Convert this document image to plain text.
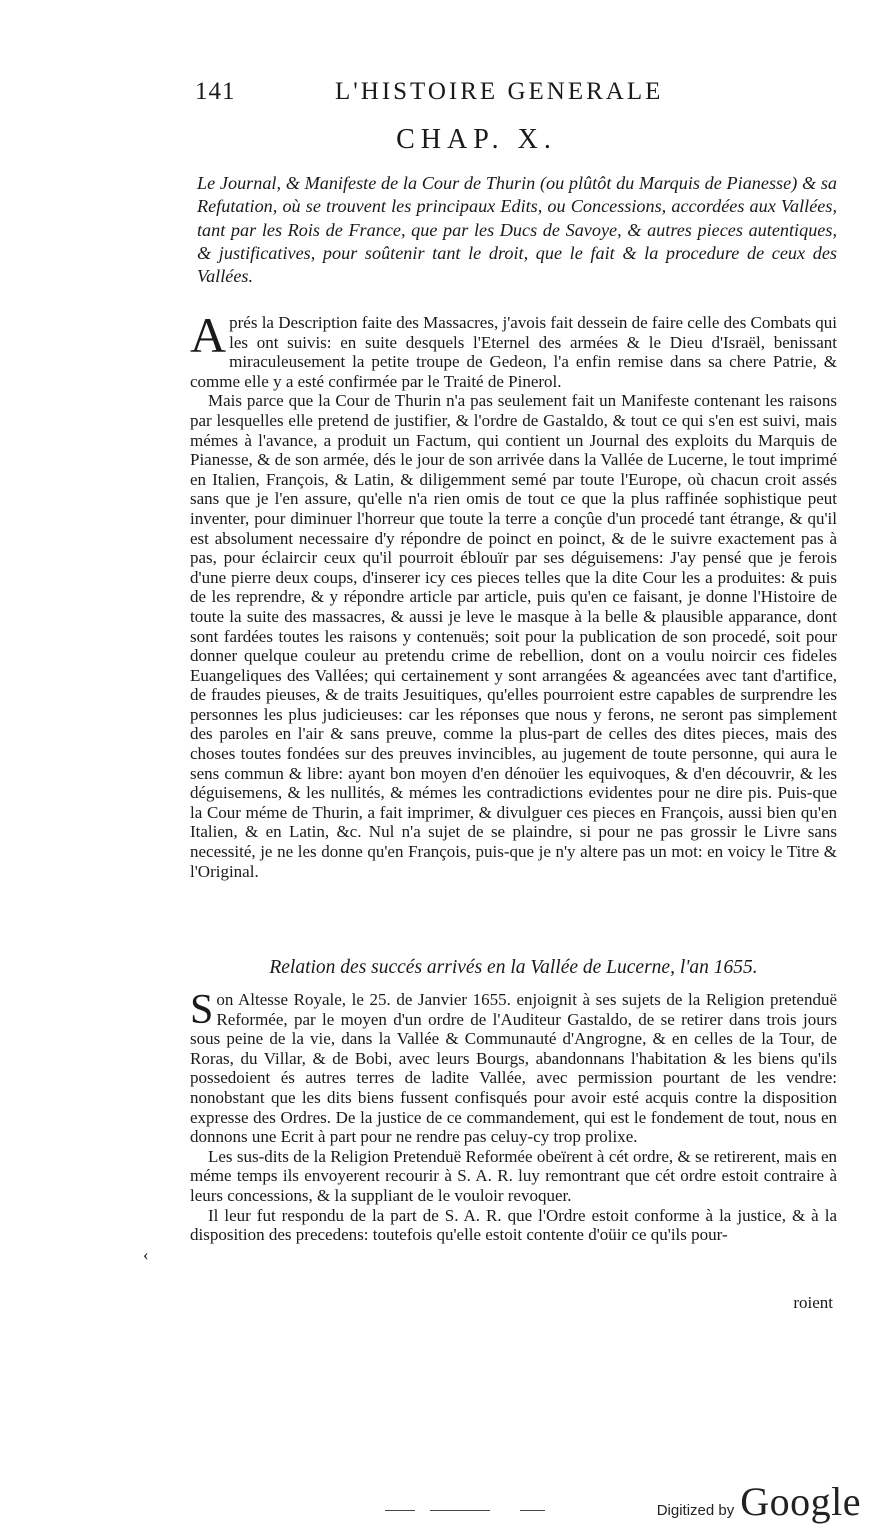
141	L'HISTOIRE GENERALE
CHAP. X.
Le Journal, & Manifeste de la Cour de Thurin (ou plûtôt du Marquis de Pianesse) & sa Refutation, où se trouvent les principaux Edits, ou Concessions, accordées aux Vallées, tant par les Rois de France, que par les Ducs de Savoye, & autres pieces autentiques, & justificatives, pour soûtenir tant le droit, que le fait & la procedure de ceux des Vallées.

Aprés la Description faite des Massacres, j'avois fait dessein de faire celle des Combats qui les ont suivis: en suite desquels l'Eternel des armées & le Dieu d'Israël, benissant miraculeusement la petite troupe de Gedeon, l'a enfin remise dans sa chere Patrie, & comme elle y a esté confirmée par le Traité de Pinerol.

Mais parce que la Cour de Thurin n'a pas seulement fait un Manifeste contenant les raisons par lesquelles elle pretend de justifier, & l'ordre de Gastaldo, & tout ce qui s'en est suivi, mais mémes à l'avance, a produit un Factum, qui contient un Journal des exploits du Marquis de Pianesse, & de son armée, dés le jour de son arrivée dans la Vallée de Lucerne, le tout imprimé en Italien, François, & Latin, & diligemment semé par toute l'Europe, où chacun croit assés sans que je l'en assure, qu'elle n'a rien omis de tout ce que la plus raffinée sophistique peut inventer, pour diminuer l'horreur que toute la terre a conçûe d'un procedé tant étrange, & qu'il est absolument necessaire d'y répondre de poinct en poinct, & de le suivre exactement pas à pas, pour éclaircir ceux qu'il pourroit éblouïr par ses déguisemens: J'ay pensé que je ferois d'une pierre deux coups, d'inserer icy ces pieces telles que la dite Cour les a produites: & puis de les reprendre, & y répondre article par article, puis qu'en ce faisant, je donne l'Histoire de toute la suite des massacres, & aussi je leve le masque à la belle & plausible apparance, dont sont fardées toutes les raisons y contenuës; soit pour la publication de son procedé, soit pour donner quelque couleur au pretendu crime de rebellion, dont on a voulu noircir ces fideles Euangeliques des Vallées; qui certainement y sont arrangées & ageancées avec tant d'artifice, de fraudes pieuses, & de traits Jesuitiques, qu'elles pourroient estre capables de surprendre les personnes les plus judicieuses: car les réponses que nous y ferons, ne seront pas simplement des paroles en l'air & sans preuve, comme la plus-part de celles des dites pieces, mais des choses toutes fondées sur des preuves invincibles, au jugement de toute personne, qui aura le sens commun & libre: ayant bon moyen d'en dénoüer les equivoques, & d'en découvrir, & les déguisemens, & les nullités, & mémes les contradictions evidentes pour ne dire pis. Puis-que la Cour méme de Thurin, a fait imprimer, & divulguer ces pieces en François, aussi bien qu'en Italien, & en Latin, &c. Nul n'a sujet de se plaindre, si pour ne pas grossir le Livre sans necessité, je ne les donne qu'en François, puis-que je n'y altere pas un mot: en voicy le Titre & l'Original.

Relation des succés arrivés en la Vallée de Lucerne, l'an 1655.

Son Altesse Royale, le 25. de Janvier 1655. enjoignit à ses sujets de la Religion pretenduë Reformée, par le moyen d'un ordre de l'Auditeur Gastaldo, de se retirer dans trois jours sous peine de la vie, dans la Vallée & Communauté d'Angrogne, & en celles de la Tour, de Roras, du Villar, & de Bobi, avec leurs Bourgs, abandonnans l'habitation & les biens qu'ils possedoient és autres terres de ladite Vallée, avec permission pourtant de les vendre: nonobstant que les dits biens fussent confisqués pour avoir esté acquis contre la disposition expresse des Ordres. De la justice de ce commandement, qui est le fondement de tout, nous en donnons une Ecrit à part pour ne rendre pas celuy-cy trop prolixe.

Les sus-dits de la Religion Pretenduë Reformée obeïrent à cét ordre, & se retirerent, mais en méme temps ils envoyerent recourir à S. A. R. luy remontrant que cét ordre estoit contraire à leurs concessions, & la suppliant de le vouloir revoquer.

Il leur fut respondu de la part de S. A. R. que l'Ordre estoit conforme à la justice, & à la disposition des precedens: toutefois qu'elle estoit contente d'oüir ce qu'ils pour-

‹
roient
Digitized by Google
